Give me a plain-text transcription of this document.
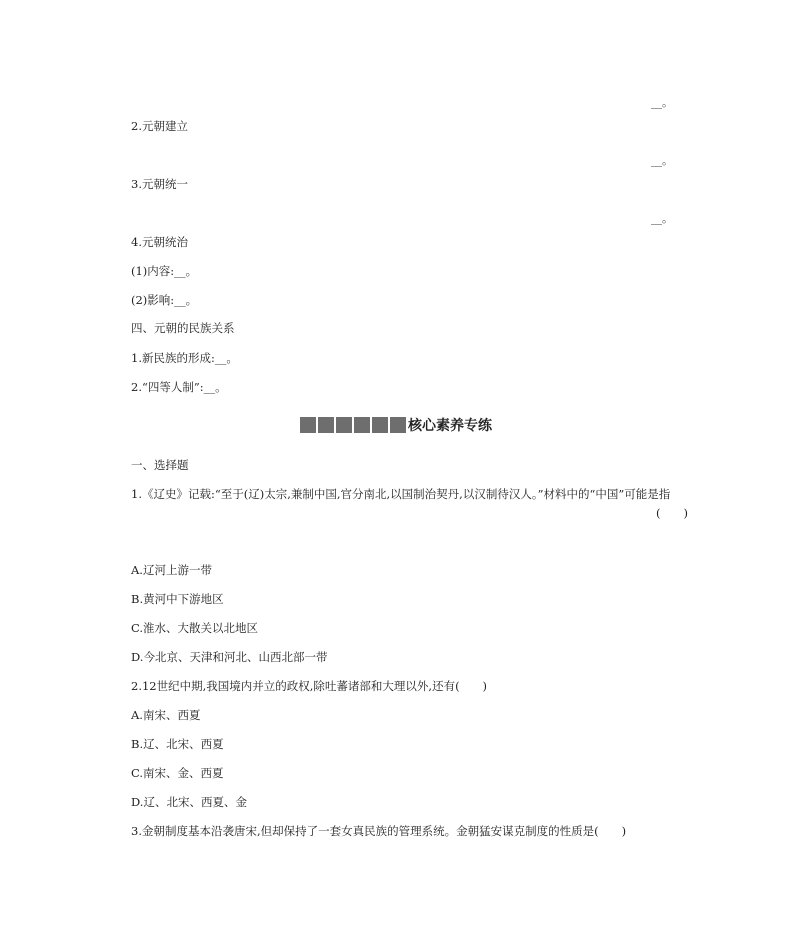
__。
2.元朝建立
__。
3.元朝统一
__。
4.元朝统治
(1)内容:__。
(2)影响:__。
四、元朝的民族关系
1.新民族的形成:__。
2.“四等人制”:__。
核心素养专练
一、选择题
1.《辽史》记载:“至于(辽)太宗,兼制中国,官分南北,以国制治契丹,以汉制待汉人。”材料中的“中国”可能是指
(　　)
A.辽河上游一带
B.黄河中下游地区
C.淮水、大散关以北地区
D.今北京、天津和河北、山西北部一带
2.12世纪中期,我国境内并立的政权,除吐蕃诸部和大理以外,还有(　　)
A.南宋、西夏
B.辽、北宋、西夏
C.南宋、金、西夏
D.辽、北宋、西夏、金
3.金朝制度基本沿袭唐宋,但却保持了一套女真民族的管理系统。金朝猛安谋克制度的性质是(　　)
